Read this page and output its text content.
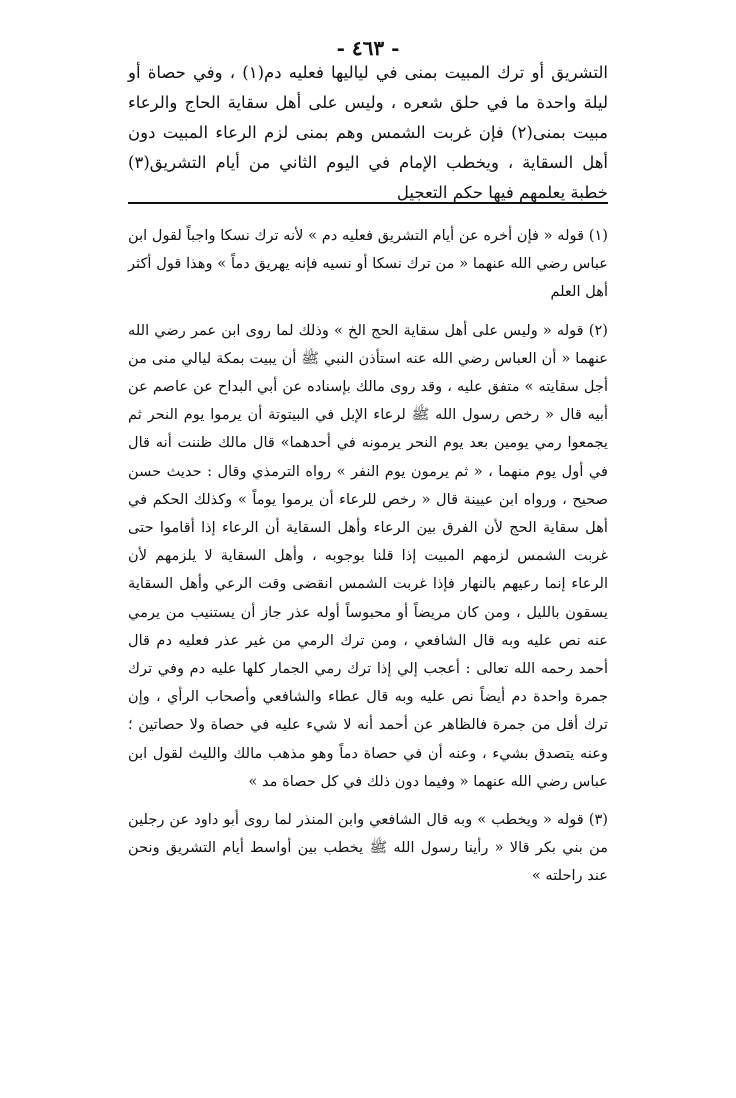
- ٤٦٣ -

التشريق أو ترك المبيت بمنى في لياليها فعليه دم(١) ، وفي حصاة أو ليلة واحدة ما في حلق شعره ، وليس على أهل سقاية الحاج والرعاء مبيت بمنى(٢) فإن غربت الشمس وهم بمنى لزم الرعاء المبيت دون أهل السقاية ، ويخطب الإمام في اليوم الثاني من أيام التشريق(٣) خطبة يعلمهم فيها حكم التعجيل

(١) قوله « فإن أخره عن أيام التشريق فعليه دم » لأنه ترك نسكا واجباً لقول ابن عباس رضي الله عنهما « من ترك نسكا أو نسيه فإنه يهريق دماً » وهذا قول أكثر أهل العلم

(٢) قوله « وليس على أهل سقاية الحج الخ » وذلك لما روى ابن عمر رضي الله عنهما « أن العباس رضي الله عنه استأذن النبي ﷺ أن يبيت بمكة ليالي منى من أجل سقايته » متفق عليه ، وقد روى مالك بإسناده عن أبي البداح عن عاصم عن أبيه قال « رخص رسول الله ﷺ لرعاء الإبل في البيتوتة أن يرموا يوم النحر ثم يجمعوا رمي يومين بعد يوم النحر يرمونه في أحدهما» قال مالك ظننت أنه قال في أول يوم منهما ، « ثم يرمون يوم النفر » رواه الترمذي وقال : حديث حسن صحيح ، ورواه ابن عيينة قال « رخص للرعاء أن يرموا يوماً » وكذلك الحكم في أهل سقاية الحج لأن الفرق بين الرعاء وأهل السقاية أن الرعاء إذا أقاموا حتى غربت الشمس لزمهم المبيت إذا قلنا بوجوبه ، وأهل السقاية لا يلزمهم لأن الرعاء إنما رعيهم بالنهار فإذا غربت الشمس انقضى وقت الرعي وأهل السقاية يسقون بالليل ، ومن كان مريضاً أو محبوساً أوله عذر جاز أن يستنيب من يرمي عنه نص عليه وبه قال الشافعي ، ومن ترك الرمي من غير عذر فعليه دم قال أحمد رحمه الله تعالى : أعجب إلي إذا ترك رمي الجمار كلها عليه دم وفي ترك جمرة واحدة دم أيضاً نص عليه وبه قال عطاء والشافعي وأصحاب الرأي ، وإن ترك أقل من جمرة فالظاهر عن أحمد أنه لا شيء عليه في حصاة ولا حصاتين ؛ وعنه يتصدق بشيء ، وعنه أن في حصاة دماً وهو مذهب مالك والليث لقول ابن عباس رضي الله عنهما « وفيما دون ذلك في كل حصاة مد »

(٣) قوله « ويخطب » وبه قال الشافعي وابن المنذر لما روى أبو داود عن رجلين من بني بكر قالا « رأينا رسول الله ﷺ يخطب بين أواسط أيام التشريق ونحن عند راحلته »
